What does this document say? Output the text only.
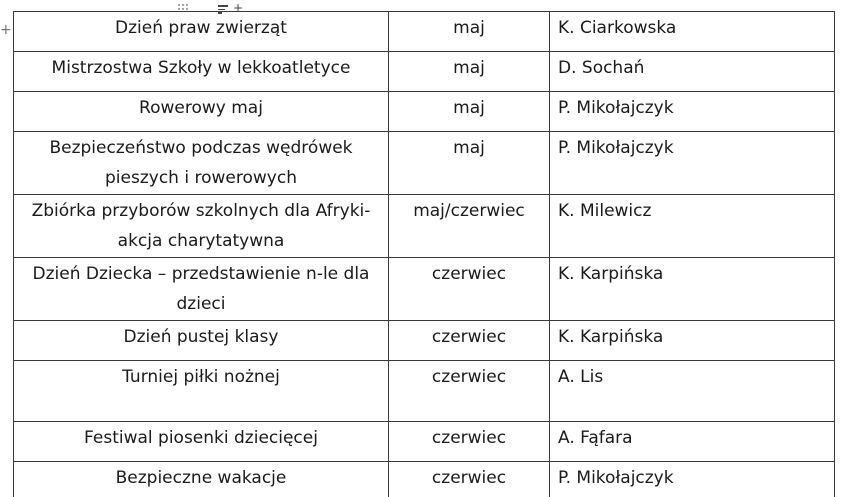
+
+	Dzień praw zwierząt	maj	K. Ciarkowska
Mistrzostwa Szkoły w lekkoatletyce	maj	D. Sochań
Rowerowy maj	maj	P. Mikołajczyk
Bezpieczeństwo podczas wędrówek pieszych i rowerowych	maj	P. Mikołajczyk
Zbiórka przyborów szkolnych dla Afryki-akcja charytatywna	maj/czerwiec	K. Milewicz
Dzień Dziecka – przedstawienie n-le dla dzieci	czerwiec	K. Karpińska
Dzień pustej klasy	czerwiec	K. Karpińska
Turniej piłki nożnej	czerwiec	A. Lis
Festiwal piosenki dziecięcej	czerwiec	A. Fąfara
Bezpieczne wakacje	czerwiec	P. Mikołajczyk
